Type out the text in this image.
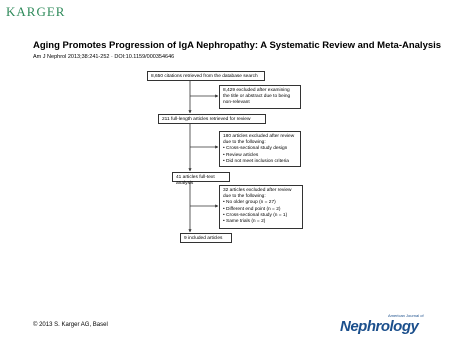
KARGER
Aging Promotes Progression of IgA Nephropathy: A Systematic Review and Meta-Analysis
Am J Nephrol 2013;38:241-252 · DOI:10.1159/000354646
8,650 citations retrieved from the database search
8,429 excluded after examining
the title or abstract due to being
non-relevant
211 full-length articles retrieved for review
180 articles excluded after review
due to the following:
• Cross-sectional study design
• Review articles
• Did not meet inclusion criteria
41 articles full-text analysis
32 articles excluded after review
due to the following:
• No older group (n = 27)
• Different end point (n = 2)
• Cross-sectional study (n = 1)
• Same trials (n = 2)
9 included articles
© 2013 S. Karger AG, Basel
American Journal of
Nephrology
